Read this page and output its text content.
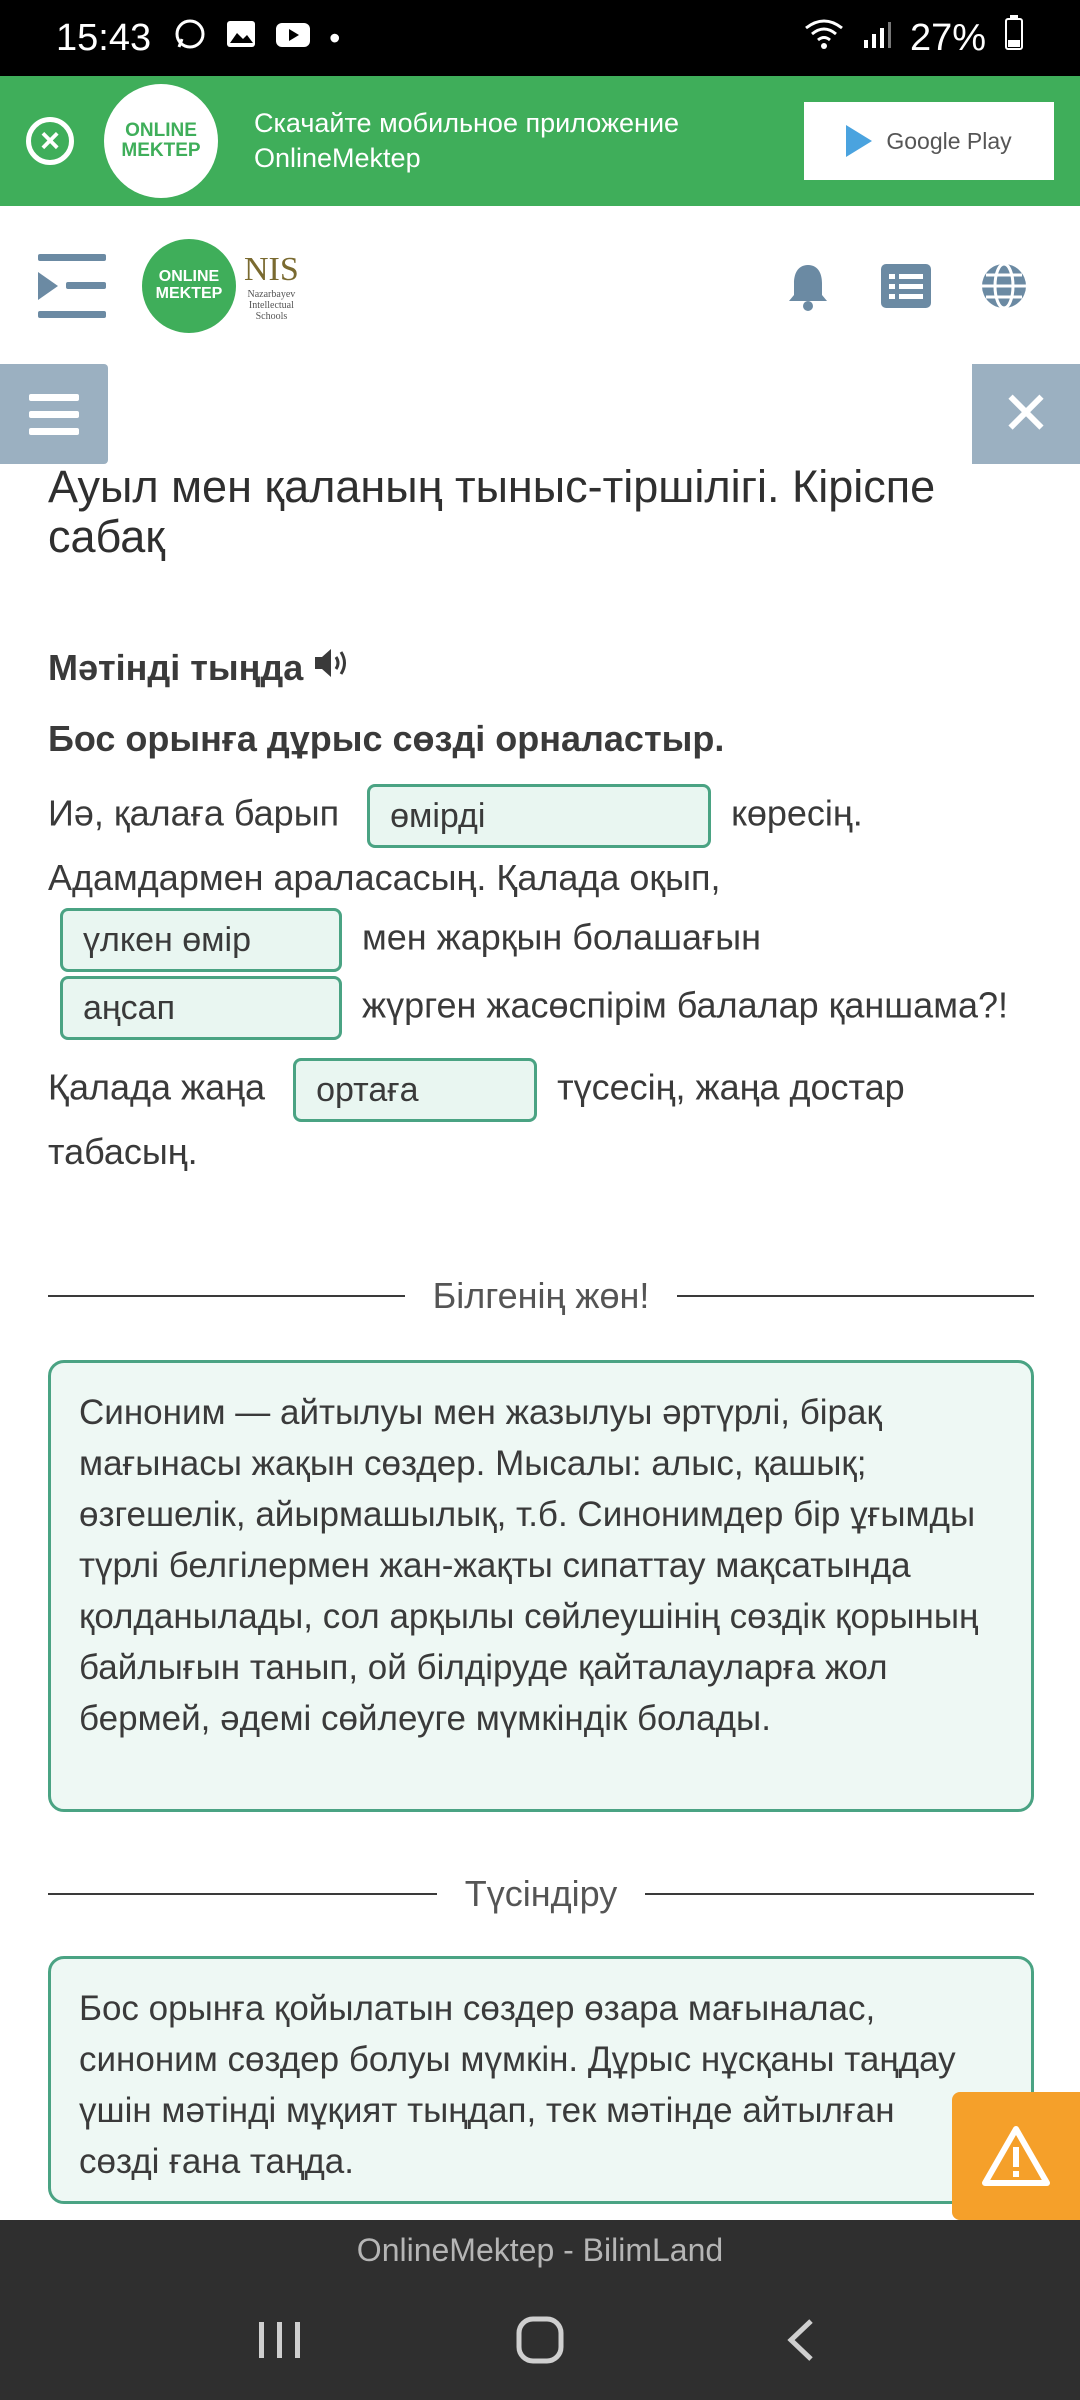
15:43	•	27%
×	ONLINE
MEKTEP
Скачайте мобильное приложение OnlineMektep
Google Play
ONLINE
MEKTEP
NIS
Nazarbayev
Intellectual
Schools
✕
Ауыл мен қаланың тыныс-тіршілігі. Кіріспе сабақ
Мәтінді тыңда
Бос орынға дұрыс сөзді орналастыр.

Иә, қалаға барып өмірді	көресің. Адамдармен араласасың. Қалада оқып,
үлкен өмір	мен жарқын болашағын
аңсап	жүрген жасөспірім балалар қаншама?!

Қалада жаңа ортаға	түсесің, жаңа достар табасың.

Білгенің жөн!
Синоним — айтылуы мен жазылуы әртүрлі, бірақ мағынасы жақын сөздер. Мысалы: алыс, қашық; өзгешелік, айырмашылық, т.б. Синонимдер бір ұғымды түрлі белгілермен жан-жақты сипаттау мақсатында қолданылады, сол арқылы сөйлеушінің сөздік қорының байлығын танып, ой білдіруде қайталауларға жол бермей, әдемі сөйлеуге мүмкіндік болады.
Түсіндіру
Бос орынға қойылатын сөздер өзара мағыналас, синоним сөздер болуы мүмкін. Дұрыс нұсқаны таңдау үшін мәтінді мұқият тыңдап, тек мәтінде айтылған сөзді ғана таңда.
OnlineMektep - BilimLand
